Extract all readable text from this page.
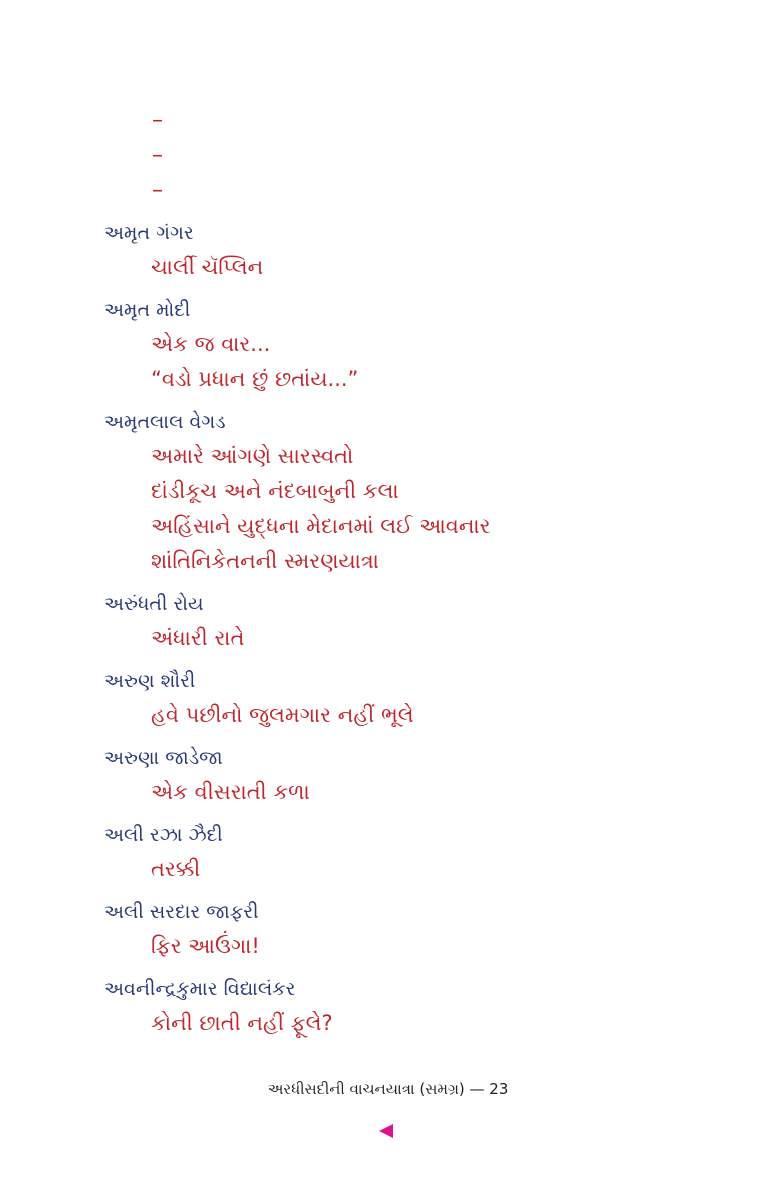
–
–
–
અમૃત ગંગર
ચાર્લી ચૅપ્લિન
અમૃત મોદી
એક જ વાર...
“વડો પ્રધાન છું છતાંય...”
અમૃતલાલ વેગડ
અમારે આંગણે સારસ્વતો
દાંડીકૂચ અને નંદબાબુની કલા
અહિંસાને યુદ્ધના મેદાનમાં લઈ આવનાર
શાંતિનિકેતનની સ્મરણયાત્રા
અરુંધતી રોય
અંધારી રાતે
અરુણ શૌરી
હવે પછીનો જુલમગાર નહીં ભૂલે
અરુણા જાડેજા
એક વીસરાતી કળા
અલી રઝા ઝૈદી
તરક્કી
અલી સરદાર જાફરી
ફિર આઉંગા!
અવનીન્દ્રકુમાર વિદ્યાલંકર
કોની છાતી નહીં ફૂલે?
અરધીસદીની વાચનયાત્રા (સમગ્ર) — 23
